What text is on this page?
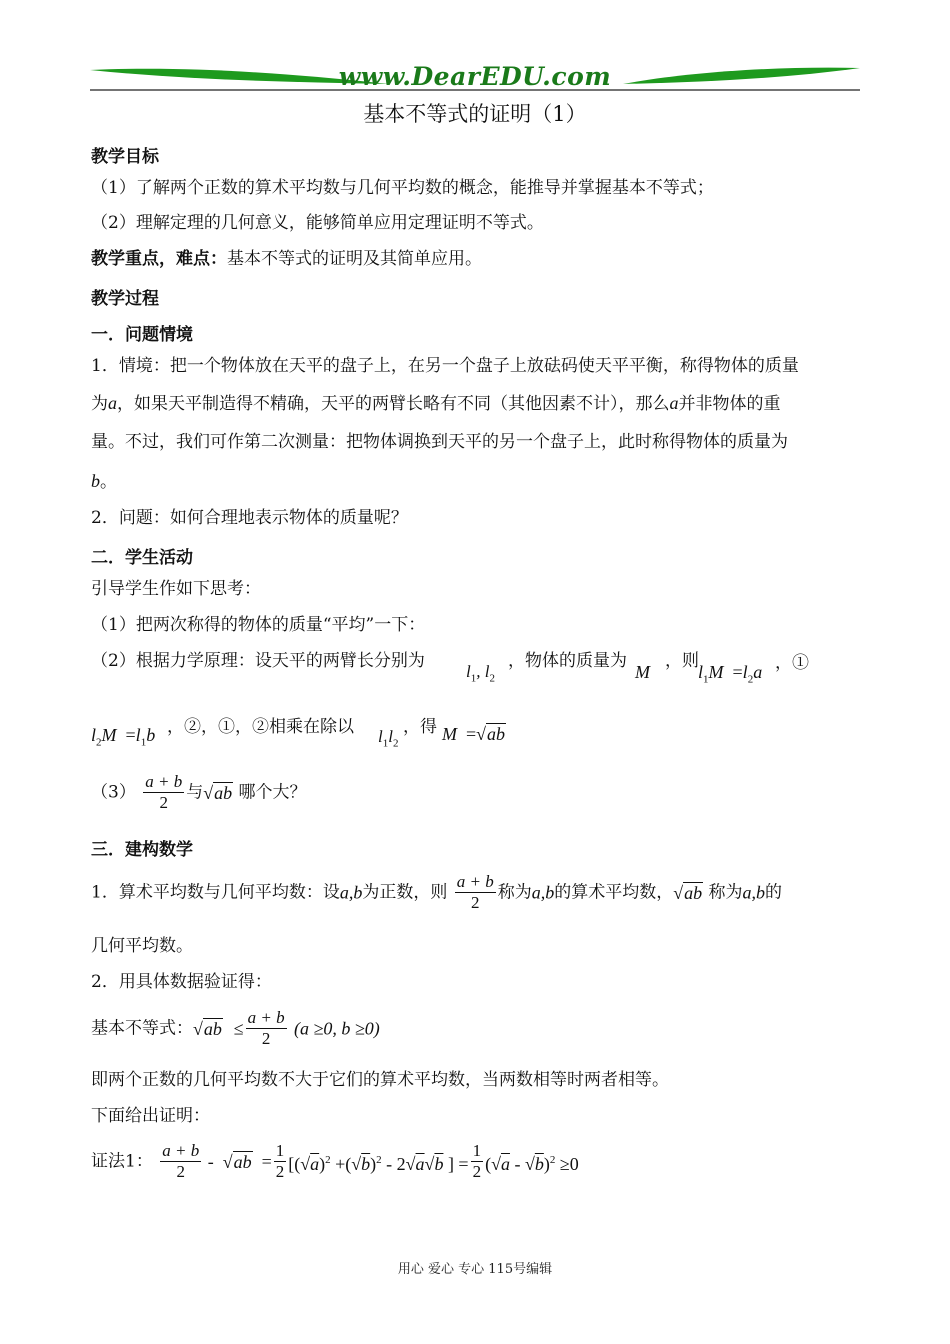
www.DearEDU.com
基本不等式的证明（1）
教学目标
（1）了解两个正数的算术平均数与几何平均数的概念，能推导并掌握基本不等式；
（2）理解定理的几何意义，能够简单应用定理证明不等式。
教学重点，难点：基本不等式的证明及其简单应用。
教学过程
一．问题情境
1．情境：把一个物体放在天平的盘子上，在另一个盘子上放砝码使天平平衡，称得物体的质量
为a，如果天平制造得不精确，天平的两臂长略有不同（其他因素不计），那么a并非物体的重
量。不过，我们可作第二次测量：把物体调换到天平的另一个盘子上，此时称得物体的质量为
b。
2．问题：如何合理地表示物体的质量呢？
二．学生活动
引导学生作如下思考：
（1）把两次称得的物体的质量“平均”一下：
（2）根据力学原理：设天平的两臂长分别为
$l_1$, $l_2$
，物体的质量为
M
，则
$l_1M =l_2a$ ，①
$l_2M =l_1b$ ，②，①，②相乘在除以 $l_1l_2$
，得 M  =√ab
$(3) \frac{a + b}{2}$ 与√ab 哪个大？
三．建构数学
1．算术平均数与几何平均数：设a,b为正数，则 $\frac{a + b}{2}$ 称为a,b的算术平均数，√ab 称为a,b的
几何平均数。
2．用具体数据验证得：
基本不等式：$√ab \le \frac{a + b}{2} (a \ge 0$, b ≥0)
即两个正数的几何平均数不大于它们的算术平均数，当两数相等时两者相等。
下面给出证明：
证法1： $\frac{a + b}{2} - √ab = \frac{1}{2} [(√a)^2 +(√b)^2 - 2√a√b$ ] = $\frac{1}{2} (√a - √b)^2 \ge 0$
用心 爱心 专心 115号编辑
